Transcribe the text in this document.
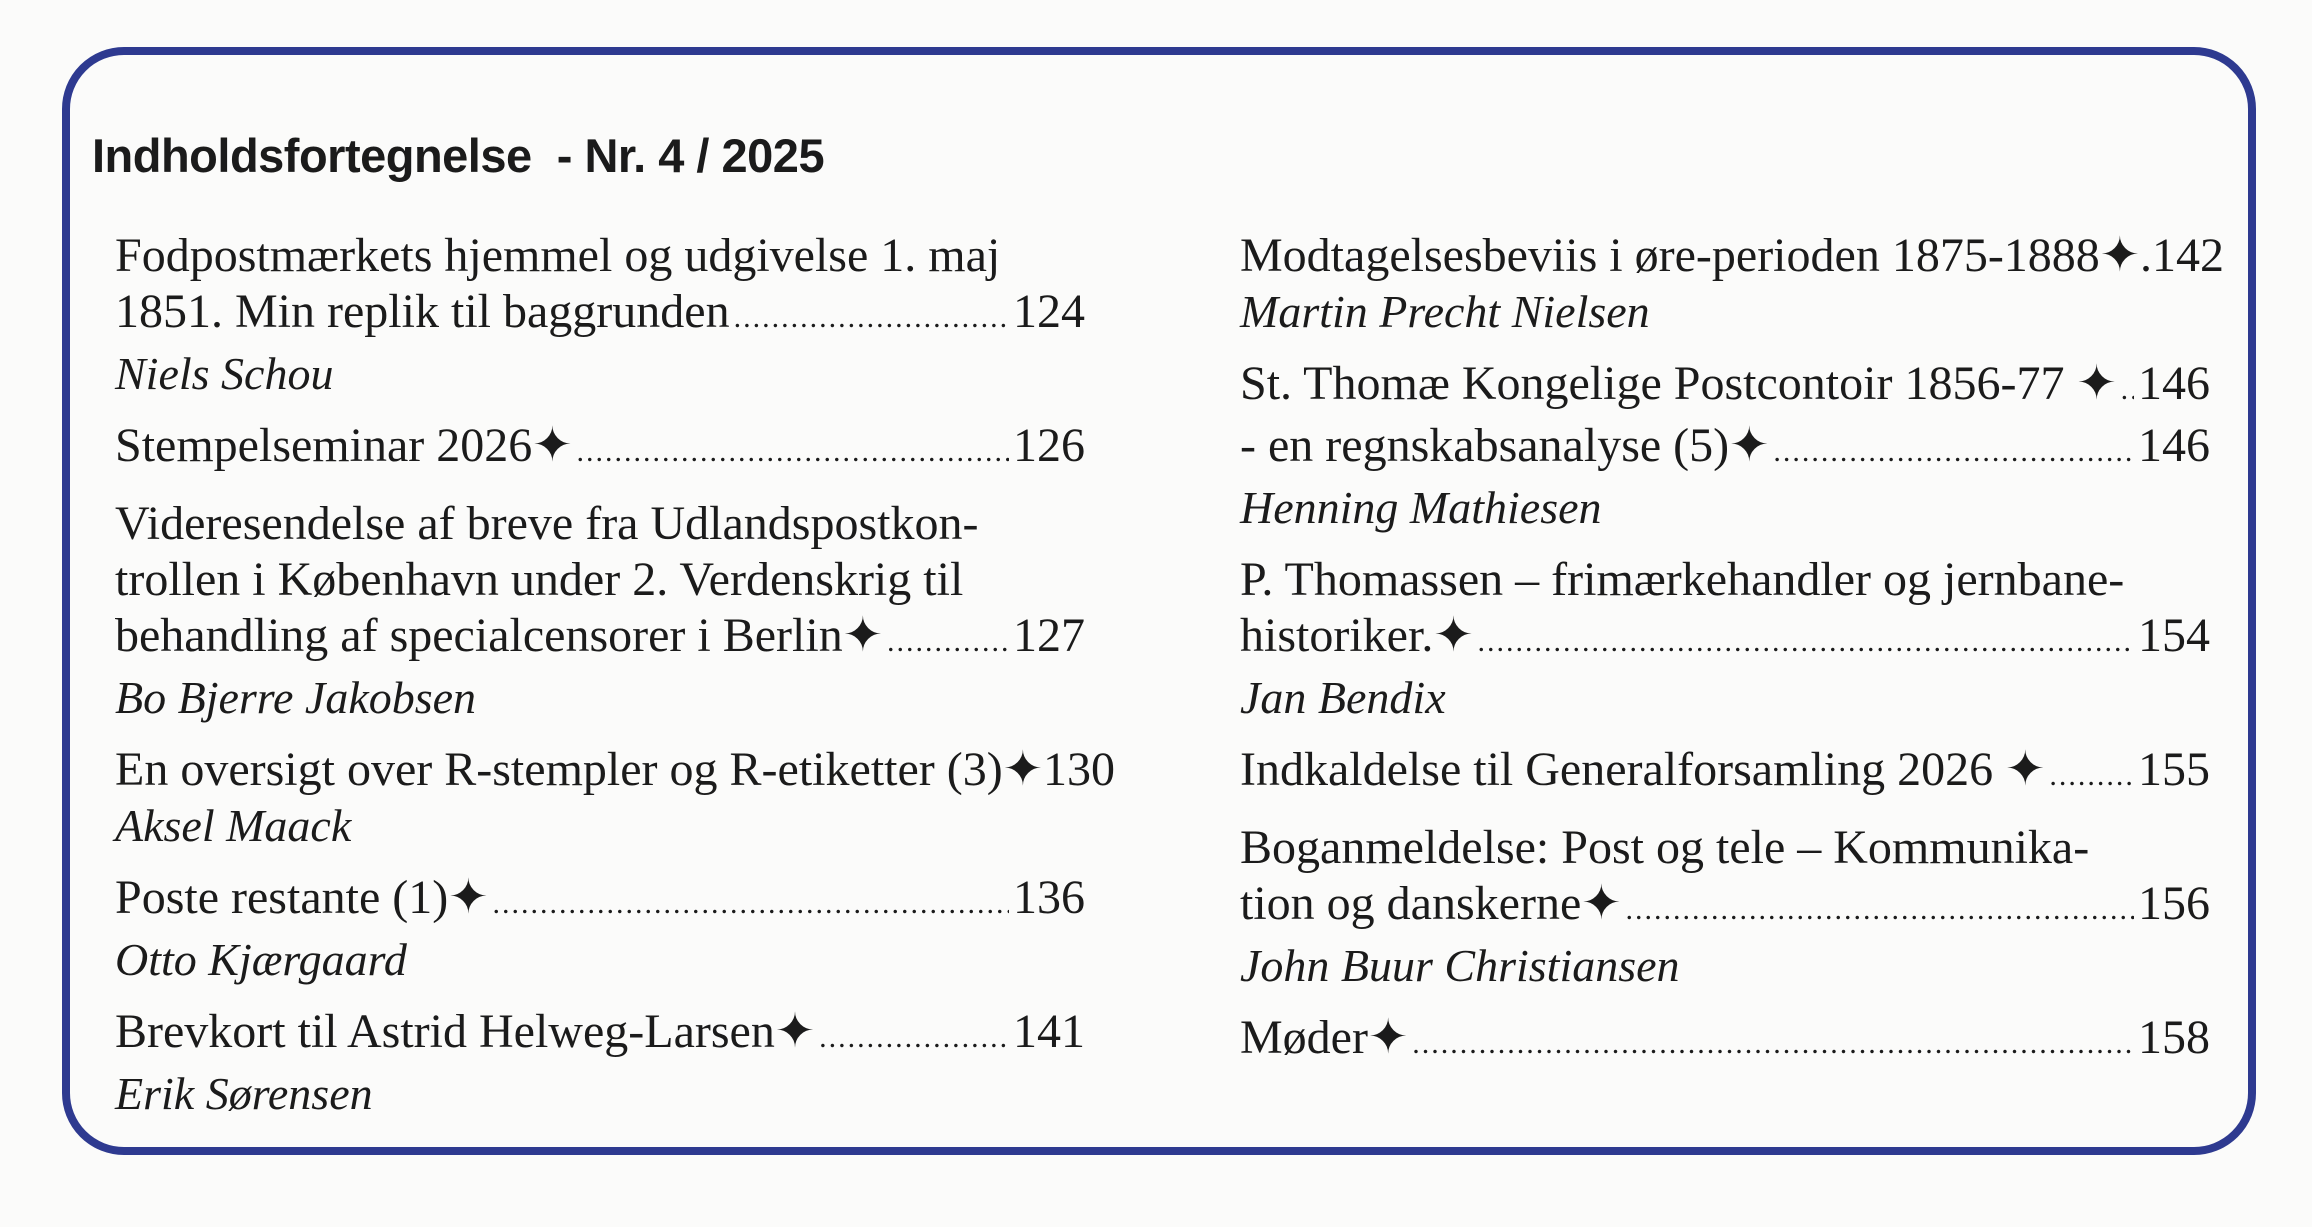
Indholdsfortegnelse  - Nr. 4 / 2025
Fodpostmærkets hjemmel og udgivelse 1. maj
1851. Min replik til baggrunden .....	124
Niels Schou
Stempelseminar 2026✦ .....	126
Videresendelse af breve fra Udlandspostkon-
trollen i København under 2. Verdenskrig til
behandling af specialcensorer i Berlin✦ .....	127
Bo Bjerre Jakobsen
En oversigt over R-stempler og R-etiketter (3)✦130
Aksel Maack
Poste restante (1)✦ .....	136
Otto Kjærgaard
Brevkort til Astrid Helweg-Larsen✦ .....	141
Erik Sørensen
Modtagelsesbeviis i øre-perioden 1875-1888✦.142
Martin Precht Nielsen
St. Thomæ Kongelige Postcontoir 1856-77 ✦ ..... 146
- en regnskabsanalyse (5)✦ .....	146
Henning Mathiesen
P. Thomassen – frimærkehandler og jernbane-
historiker.✦ .....	154
Jan Bendix
Indkaldelse til Generalforsamling 2026 ✦ ..... 155
Boganmeldelse: Post og tele – Kommunika-
tion og danskerne✦ .....	156
John Buur Christiansen
Møder✦ .....	158
